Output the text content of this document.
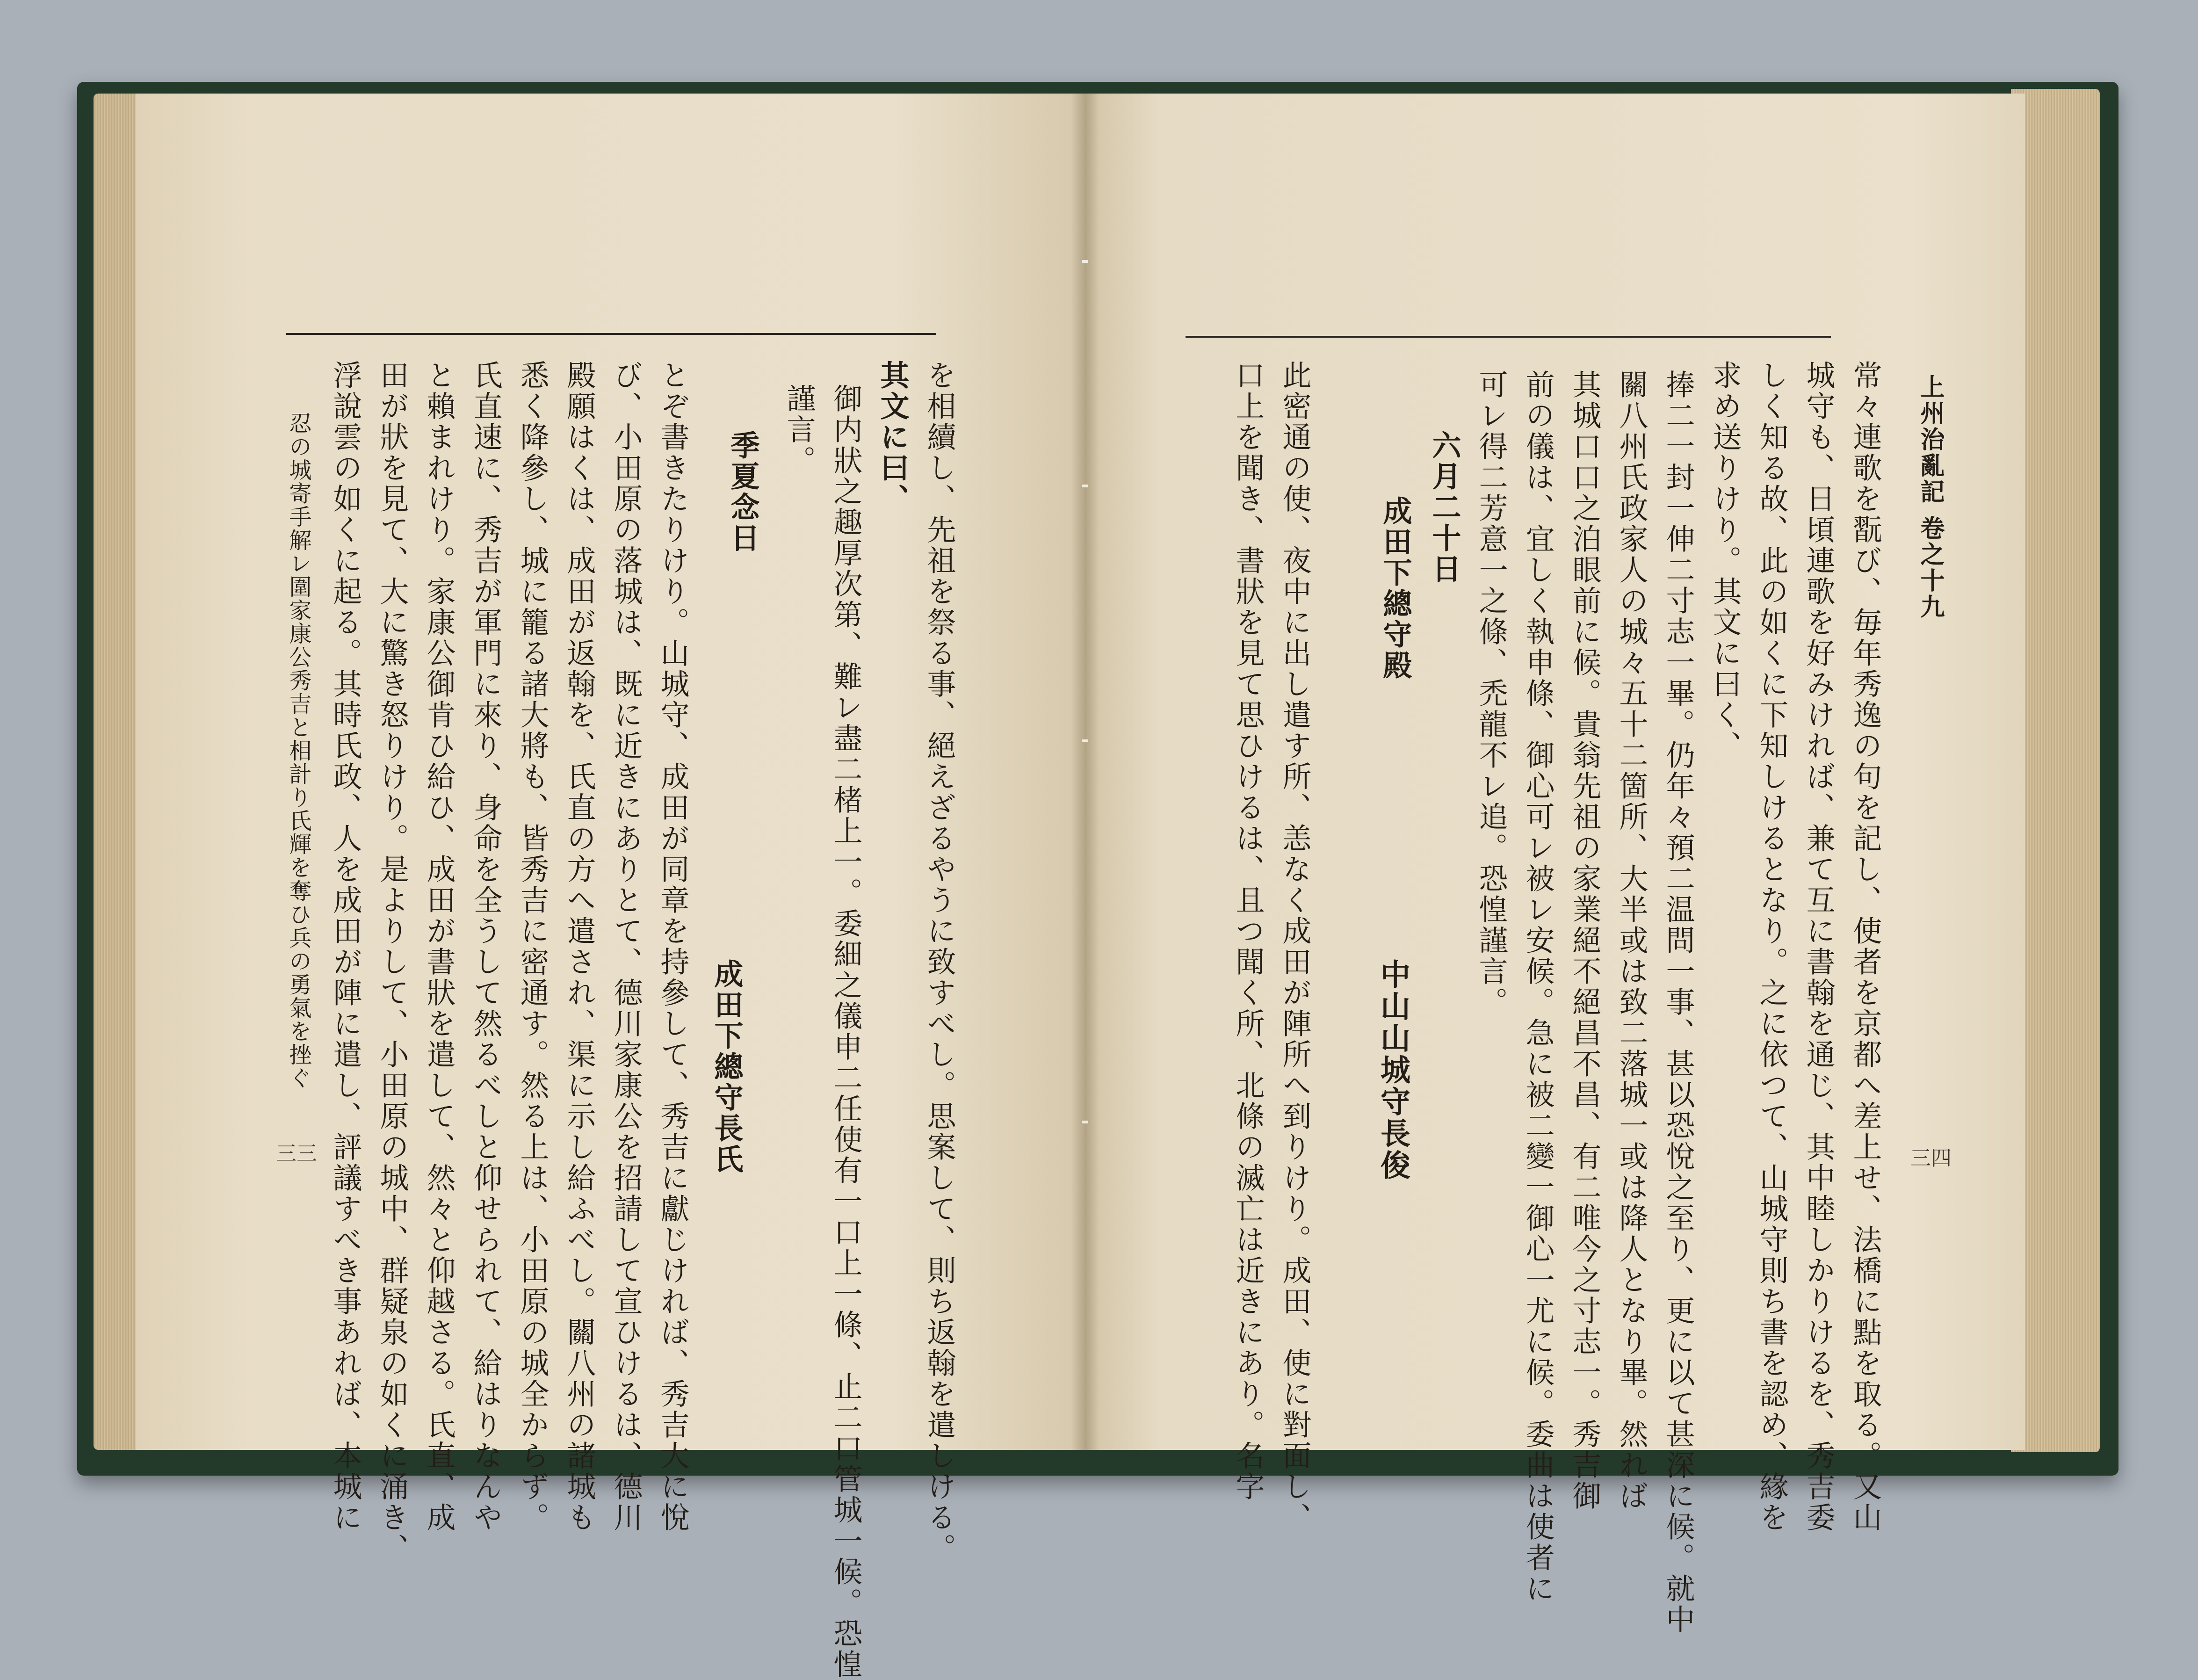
上州治亂記 卷之十九
三四
常々連歌を翫び、毎年秀逸の句を記し、使者を京都へ差上せ、法橋に點を取る。又山
城守も、日頃連歌を好みければ、兼て互に書翰を通じ、其中睦しかりけるを、秀吉委
しく知る故、此の如くに下知しけるとなり。之に依つて、山城守則ち書を認め、緣を
求め送りけり。其文に曰く、
捧二一封一伸二寸志一畢。仍年々預二温問一事、甚以恐悅之至り、更に以て甚深に候。就中
關八州氏政家人の城々五十二箇所、大半或は致二落城一或は降人となり畢。然れば
其城口口之泊眼前に候。貴翁先祖の家業絕不絕昌不昌、有二唯今之寸志一。秀吉御
前の儀は、宜しく執申條、御心可レ被レ安候。急に被二變一御心一尤に候。委曲は使者に
可レ得二芳意一之條、禿龍不レ追。恐惶謹言。
六月二十日
成田下總守殿
中山山城守長俊
此密通の使、夜中に出し遣す所、恙なく成田が陣所へ到りけり。成田、使に對面し、
口上を聞き、書狀を見て思ひけるは、且つ聞く所、北條の滅亡は近きにあり。名字
を相續し、先祖を祭る事、絕えざるやうに致すべし。思案して、則ち返翰を遣しける。
其文に曰、
御内狀之趣厚次第、難レ盡二楮上一。委細之儀申二任使有一口上一條、止二口管城一候。恐惶
謹言。
季夏念日
成田下總守長氏
とぞ書きたりけり。山城守、成田が同章を持參して、秀吉に獻じければ、秀吉大に悅
び、小田原の落城は、既に近きにありとて、德川家康公を招請して宣ひけるは、德川
殿願はくは、成田が返翰を、氏直の方へ遣され、渠に示し給ふべし。關八州の諸城も
悉く降參し、城に籠る諸大將も、皆秀吉に密通す。然る上は、小田原の城全からず。
氏直速に、秀吉が軍門に來り、身命を全うして然るべしと仰せられて、給はりなんや
と賴まれけり。家康公御肯ひ給ひ、成田が書狀を遣して、然々と仰越さる。氏直、成
田が狀を見て、大に驚き怒りけり。是よりして、小田原の城中、群疑泉の如くに涌き、
浮說雲の如くに起る。其時氏政、人を成田が陣に遣し、評議すべき事あれば、本城に
忍の城寄手解レ圍家康公秀吉と相計り氏輝を奪ひ兵の勇氣を挫ぐ
三三
